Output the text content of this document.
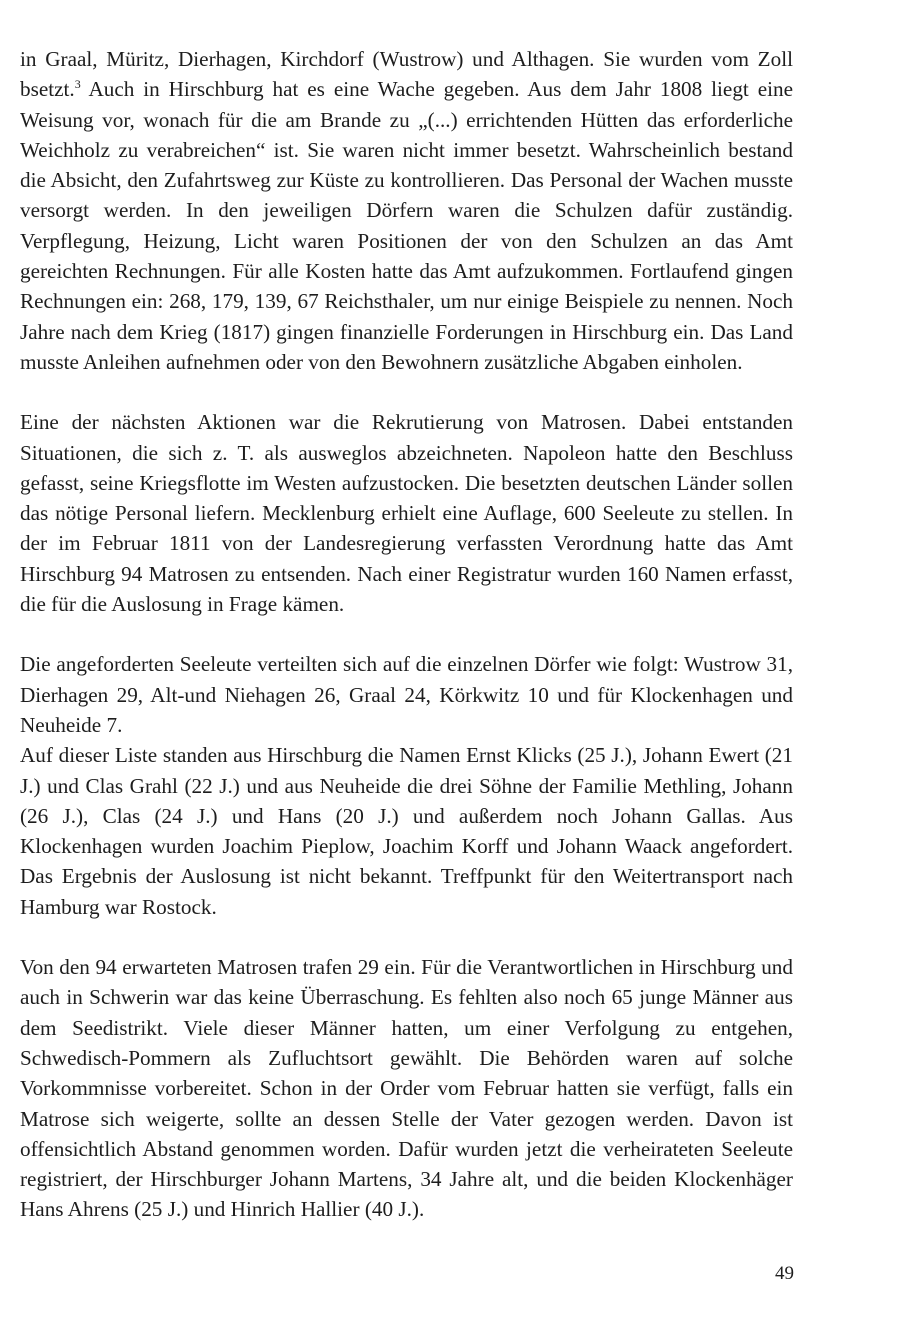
in Graal, Müritz, Dierhagen, Kirchdorf (Wustrow) und Althagen. Sie wurden vom Zoll bsetzt.$^3$ Auch in Hirschburg hat es eine Wache gegeben. Aus dem Jahr 1808 liegt eine Weisung vor, wonach für die am Brande zu „(...) errichtenden Hütten das erforderliche Weichholz zu verabreichen“ ist. Sie waren nicht immer besetzt. Wahrscheinlich bestand die Absicht, den Zufahrtsweg zur Küste zu kontrollieren. Das Personal der Wachen musste versorgt werden. In den jeweiligen Dörfern waren die Schulzen dafür zuständig. Verpflegung, Heizung, Licht waren Positionen der von den Schulzen an das Amt gereichten Rechnungen. Für alle Kosten hatte das Amt aufzukommen. Fortlaufend gingen Rechnungen ein: 268, 179, 139, 67 Reichsthaler, um nur einige Beispiele zu nennen. Noch Jahre nach dem Krieg (1817) gingen finanzielle Forderungen in Hirschburg ein. Das Land musste Anleihen aufnehmen oder von den Bewohnern zusätzliche Abgaben einholen.

Eine der nächsten Aktionen war die Rekrutierung von Matrosen. Dabei entstanden Situationen, die sich z. T. als ausweglos abzeichneten. Napoleon hatte den Beschluss gefasst, seine Kriegsflotte im Westen aufzustocken. Die besetzten deutschen Länder sollen das nötige Personal liefern. Mecklenburg erhielt eine Auflage, 600 Seeleute zu stellen. In der im Februar 1811 von der Landesregierung verfassten Verordnung hatte das Amt Hirschburg 94 Matrosen zu entsenden. Nach einer Registratur wurden 160 Namen erfasst, die für die Auslosung in Frage kämen.

Die angeforderten Seeleute verteilten sich auf die einzelnen Dörfer wie folgt: Wustrow 31, Dierhagen 29, Alt-und Niehagen 26, Graal 24, Körkwitz 10 und für Klockenhagen und Neuheide 7.

Auf dieser Liste standen aus Hirschburg die Namen Ernst Klicks (25 J.), Johann Ewert (21 J.) und Clas Grahl (22 J.) und aus Neuheide die drei Söhne der Familie Methling, Johann (26 J.), Clas (24 J.) und Hans (20 J.) und außerdem noch Johann Gallas. Aus Klockenhagen wurden Joachim Pieplow, Joachim Korff und Johann Waack angefordert. Das Ergebnis der Auslosung ist nicht bekannt. Treffpunkt für den Weitertransport nach Hamburg war Rostock.

Von den 94 erwarteten Matrosen trafen 29 ein. Für die Verantwortlichen in Hirschburg und auch in Schwerin war das keine Überraschung. Es fehlten also noch 65 junge Männer aus dem Seedistrikt. Viele dieser Männer hatten, um einer Verfolgung zu entgehen, Schwedisch-Pommern als Zufluchtsort gewählt. Die Behörden waren auf solche Vorkommnisse vorbereitet. Schon in der Order vom Februar hatten sie verfügt, falls ein Matrose sich weigerte, sollte an dessen Stelle der Vater gezogen werden. Davon ist offensichtlich Abstand genommen worden. Dafür wurden jetzt die verheirateten Seeleute registriert, der Hirschburger Johann Martens, 34 Jahre alt, und die beiden Klockenhäger Hans Ahrens (25 J.) und Hinrich Hallier (40 J.).

49
